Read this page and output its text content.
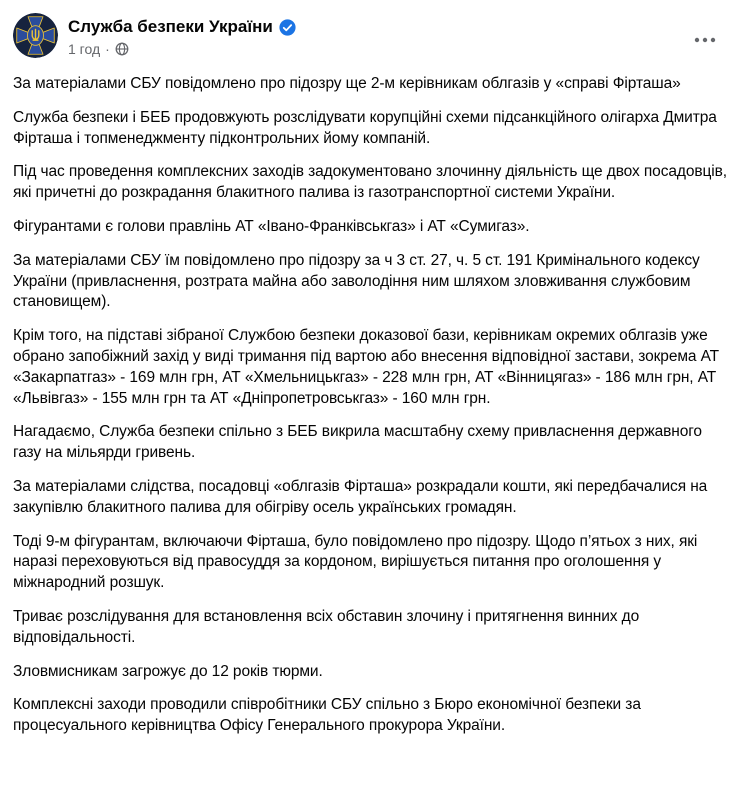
Служба безпеки України
1 год ·

За матеріалами СБУ повідомлено про підозру ще 2-м керівникам облгазів у «справі Фірташа»

Служба безпеки і БЕБ продовжують розслідувати корупційні схеми підсанкційного олігарха Дмитра Фірташа і топменеджменту підконтрольних йому компаній.

Під час проведення комплексних заходів задокументовано злочинну діяльність ще двох посадовців, які причетні до розкрадання блакитного палива із газотранспортної системи України.

Фігурантами є голови правлінь АТ «Івано-Франківськгаз» і АТ «Сумигаз».

За матеріалами СБУ їм повідомлено про підозру за ч 3 ст. 27, ч. 5 ст. 191 Кримінального кодексу України (привласнення, розтрата майна або заволодіння ним шляхом зловживання службовим становищем).

Крім того, на підставі зібраної Службою безпеки доказової бази, керівникам окремих облгазів уже обрано запобіжний захід у виді тримання під вартою або внесення відповідної застави, зокрема АТ «Закарпатгаз» - 169 млн грн, АТ «Хмельницькгаз» - 228 млн грн, АТ «Вінницягаз» - 186 млн грн, АТ «Львівгаз» - 155 млн грн та АТ «Дніпропетровськгаз» - 160 млн грн.

Нагадаємо, Служба безпеки спільно з БЕБ викрила масштабну схему привласнення державного газу на мільярди гривень.

За матеріалами слідства, посадовці «облгазів Фірташа» розкрадали кошти, які передбачалися на закупівлю блакитного палива для обігріву осель українських громадян.

Тоді 9-м фігурантам, включаючи Фірташа, було повідомлено про підозру. Щодо п’ятьох з них, які наразі переховуються від правосуддя за кордоном, вирішується питання про оголошення у міжнародний розшук.

Триває розслідування для встановлення всіх обставин злочину і притягнення винних до відповідальності.

Зловмисникам загрожує до 12 років тюрми.

Комплексні заходи проводили співробітники СБУ спільно з Бюро економічної безпеки за процесуального керівництва Офісу Генерального прокурора України.
